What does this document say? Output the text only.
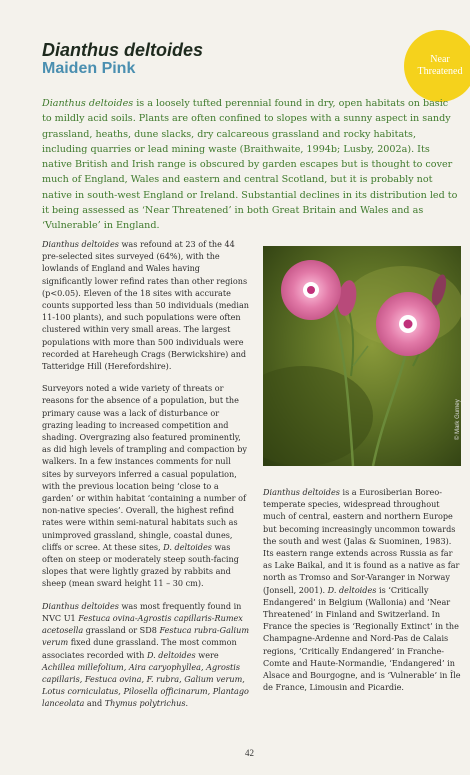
Dianthus deltoides
Maiden Pink
Near
Threatened

Dianthus deltoides is a loosely tufted perennial found in dry, open habitats on basic to mildly acid soils. Plants are often confined to slopes with a sunny aspect in sandy grassland, heaths, dune slacks, dry calcareous grassland and rocky habitats, including quarries or lead mining waste (Braithwaite, 1994b; Lusby, 2002a). Its native British and Irish range is obscured by garden escapes but is thought to cover much of England, Wales and eastern and central Scotland, but it is probably not native in south-west England or Ireland. Substantial declines in its distribution led to it being assessed as ‘Near Threatened’ in both Great Britain and Wales and as ‘Vulnerable’ in England.

Dianthus deltoides was refound at 23 of the 44 pre-selected sites surveyed (64%), with the lowlands of England and Wales having significantly lower refind rates than other regions (p<0.05). Eleven of the 18 sites with accurate counts supported less than 50 individuals (median 11-100 plants), and such populations were often clustered within very small areas. The largest populations with more than 500 individuals were recorded at Hareheugh Crags (Berwickshire) and Tatteridge Hill (Herefordshire).

Surveyors noted a wide variety of threats or reasons for the absence of a population, but the primary cause was a lack of disturbance or grazing leading to increased competition and shading. Overgrazing also featured prominently, as did high levels of trampling and compaction by walkers. In a few instances comments for null sites by surveyors inferred a casual population, with the previous location being ‘close to a garden’ or within habitat ‘containing a number of non-native species’. Overall, the highest refind rates were within semi-natural habitats such as unimproved grassland, shingle, coastal dunes, cliffs or scree. At these sites, D. deltoides was often on steep or moderately steep south-facing slopes that were lightly grazed by rabbits and sheep (mean sward height 11 – 30 cm).

Dianthus deltoides was most frequently found in NVC U1 Festuca ovina-Agrostis capillaris-Rumex acetosella grassland or SD8 Festuca rubra-Galium verum fixed dune grassland. The most common associates recorded with D. deltoides were Achillea millefolium, Aira caryophyllea, Agrostis capillaris, Festuca ovina, F. rubra, Galium verum, Lotus corniculatus, Pilosella officinarum, Plantago lanceolata and Thymus polytrichus.

© Mark Gurney

Dianthus deltoides is a Eurosiberian Boreo-temperate species, widespread throughout much of central, eastern and northern Europe but becoming increasingly uncommon towards the south and west (Jalas & Suominen, 1983). Its eastern range extends across Russia as far as Lake Baikal, and it is found as a native as far north as Tromso and Sor-Varanger in Norway (Jonsell, 2001). D. deltoides is ‘Critically Endangered’ in Belgium (Wallonia) and ‘Near Threatened’ in Finland and Switzerland. In France the species is ‘Regionally Extinct’ in the Champagne-Ardenne and Nord-Pas de Calais regions, ‘Critically Endangered’ in Franche-Comte and Haute-Normandie, ‘Endangered’ in Alsace and Bourgogne, and is ‘Vulnerable’ in Île de France, Limousin and Picardie.

42
